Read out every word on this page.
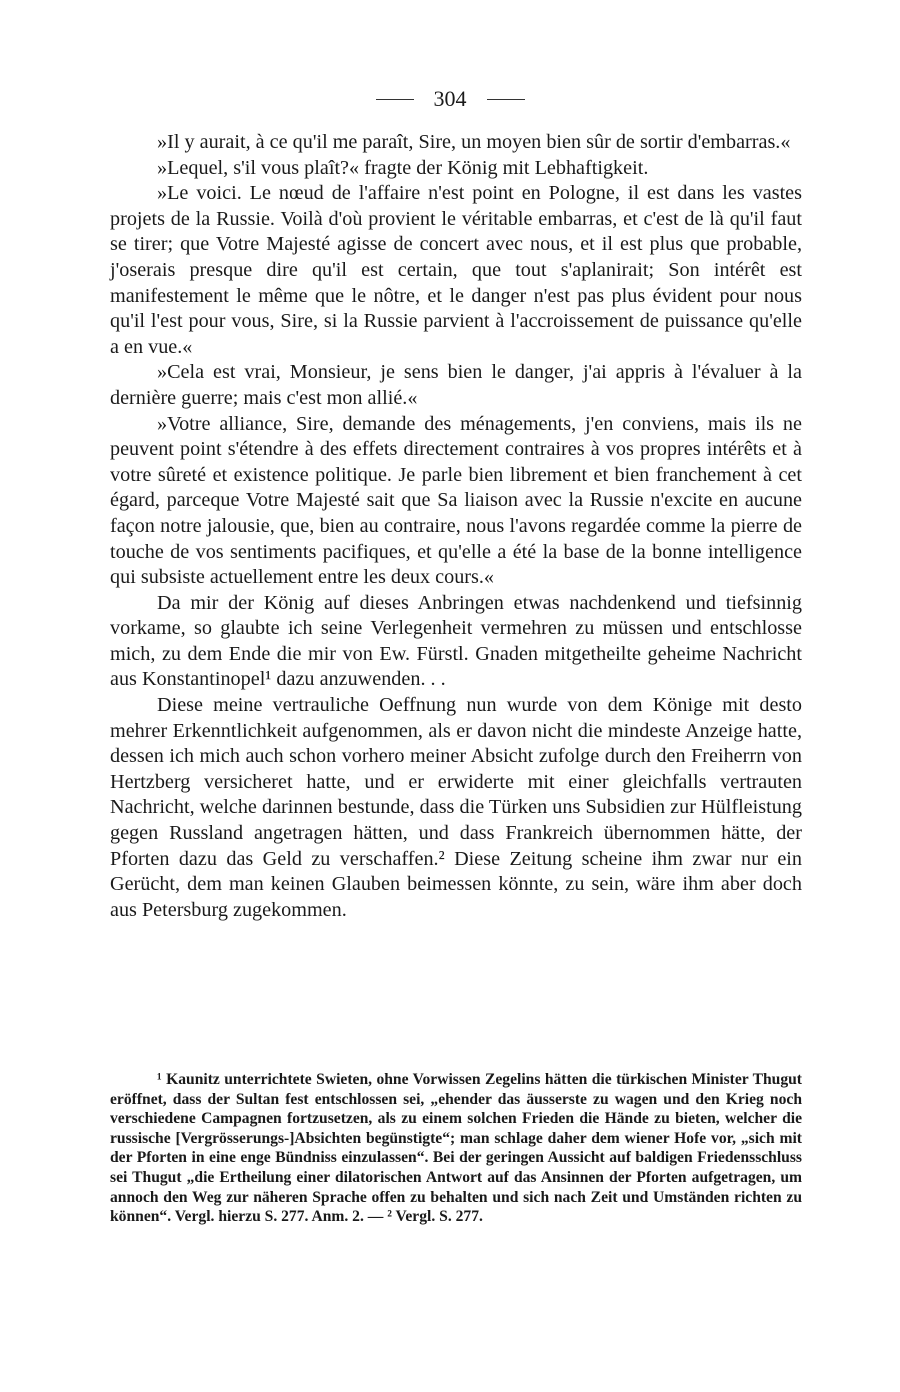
304

»Il y aurait, à ce qu'il me paraît, Sire, un moyen bien sûr de sortir d'embarras.«

»Lequel, s'il vous plaît?« fragte der König mit Lebhaftigkeit.

»Le voici. Le nœud de l'affaire n'est point en Pologne, il est dans les vastes projets de la Russie. Voilà d'où provient le véritable embarras, et c'est de là qu'il faut se tirer; que Votre Majesté agisse de concert avec nous, et il est plus que probable, j'oserais presque dire qu'il est certain, que tout s'aplanirait; Son intérêt est manifestement le même que le nôtre, et le danger n'est pas plus évident pour nous qu'il l'est pour vous, Sire, si la Russie parvient à l'accroissement de puissance qu'elle a en vue.«

»Cela est vrai, Monsieur, je sens bien le danger, j'ai appris à l'évaluer à la dernière guerre; mais c'est mon allié.«

»Votre alliance, Sire, demande des ménagements, j'en conviens, mais ils ne peuvent point s'étendre à des effets directement contraires à vos propres intérêts et à votre sûreté et existence politique. Je parle bien librement et bien franchement à cet égard, parceque Votre Majesté sait que Sa liaison avec la Russie n'excite en aucune façon notre jalousie, que, bien au contraire, nous l'avons regardée comme la pierre de touche de vos sentiments pacifiques, et qu'elle a été la base de la bonne intelligence qui subsiste actuellement entre les deux cours.«

Da mir der König auf dieses Anbringen etwas nachdenkend und tiefsinnig vorkame, so glaubte ich seine Verlegenheit vermehren zu müssen und entschlosse mich, zu dem Ende die mir von Ew. Fürstl. Gnaden mitgetheilte geheime Nachricht aus Konstantinopel¹ dazu anzuwenden. . .

Diese meine vertrauliche Oeffnung nun wurde von dem Könige mit desto mehrer Erkenntlichkeit aufgenommen, als er davon nicht die mindeste Anzeige hatte, dessen ich mich auch schon vorhero meiner Absicht zufolge durch den Freiherrn von Hertzberg versicheret hatte, und er erwiderte mit einer gleichfalls vertrauten Nachricht, welche darinnen bestunde, dass die Türken uns Subsidien zur Hülfleistung gegen Russland angetragen hätten, und dass Frankreich übernommen hätte, der Pforten dazu das Geld zu verschaffen.² Diese Zeitung scheine ihm zwar nur ein Gerücht, dem man keinen Glauben beimessen könnte, zu sein, wäre ihm aber doch aus Petersburg zugekommen.

¹ Kaunitz unterrichtete Swieten, ohne Vorwissen Zegelins hätten die türkischen Minister Thugut eröffnet, dass der Sultan fest entschlossen sei, „ehender das äusserste zu wagen und den Krieg noch verschiedene Campagnen fortzusetzen, als zu einem solchen Frieden die Hände zu bieten, welcher die russische [Vergrösserungs-]Absichten begünstigte“; man schlage daher dem wiener Hofe vor, „sich mit der Pforten in eine enge Bündniss einzulassen“. Bei der geringen Aussicht auf baldigen Friedensschluss sei Thugut „die Ertheilung einer dilatorischen Antwort auf das Ansinnen der Pforten aufgetragen, um annoch den Weg zur näheren Sprache offen zu behalten und sich nach Zeit und Umständen richten zu können“. Vergl. hierzu S. 277. Anm. 2. — ² Vergl. S. 277.
